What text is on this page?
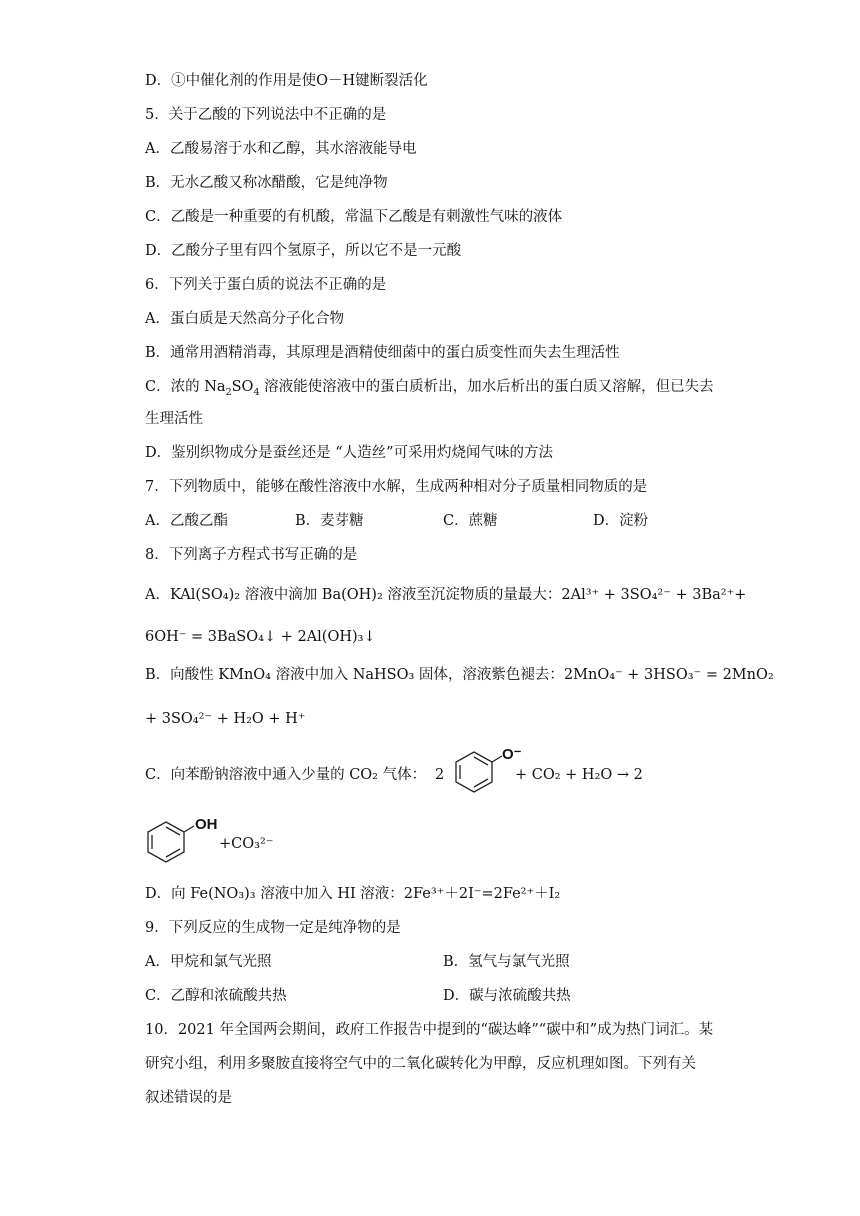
D．①中催化剂的作用是使O－H键断裂活化
5．关于乙酸的下列说法中不正确的是
A．乙酸易溶于水和乙醇，其水溶液能导电
B．无水乙酸又称冰醋酸，它是纯净物
C．乙酸是一种重要的有机酸，常温下乙酸是有刺激性气味的液体
D．乙酸分子里有四个氢原子，所以它不是一元酸
6．下列关于蛋白质的说法不正确的是
A．蛋白质是天然高分子化合物
B．通常用酒精消毒，其原理是酒精使细菌中的蛋白质变性而失去生理活性
C．浓的 $Na_2SO_4$ 溶液能使溶液中的蛋白质析出，加水后析出的蛋白质又溶解，但已失去
生理活性
D．鉴别织物成分是蚕丝还是 “人造丝”可采用灼烧闻气味的方法
7．下列物质中，能够在酸性溶液中水解，生成两种相对分子质量相同物质的是
A．乙酸乙酯	B．麦芽糖	C．蔗糖	D．淀粉
8．下列离子方程式书写正确的是
A．KAl(SO₄)₂ 溶液中滴加 Ba(OH)₂ 溶液至沉淀物质的量最大：2Al³⁺ + 3SO₄²⁻ + 3Ba²⁺+
6OH⁻ = 3BaSO₄↓ + 2Al(OH)₃↓
B．向酸性 KMnO₄ 溶液中加入 NaHSO₃ 固体，溶液紫色褪去：2MnO₄⁻ + 3HSO₃⁻ = 2MnO₂
+ 3SO₄²⁻ + H₂O + H⁺
C．向苯酚钠溶液中通入少量的 CO₂ 气体： 2
O⁻
+ CO₂ + H₂O → 2
OH
+CO₃²⁻
D．向 Fe(NO₃)₃ 溶液中加入 HI 溶液：2Fe³⁺＋2I⁻=2Fe²⁺＋I₂
9．下列反应的生成物一定是纯净物的是
A．甲烷和氯气光照	B．氢气与氯气光照
C．乙醇和浓硫酸共热	D．碳与浓硫酸共热
10．2021 年全国两会期间，政府工作报告中提到的“碳达峰”“碳中和”成为热门词汇。某
研究小组，利用多聚胺直接将空气中的二氧化碳转化为甲醇，反应机理如图。下列有关
叙述错误的是
